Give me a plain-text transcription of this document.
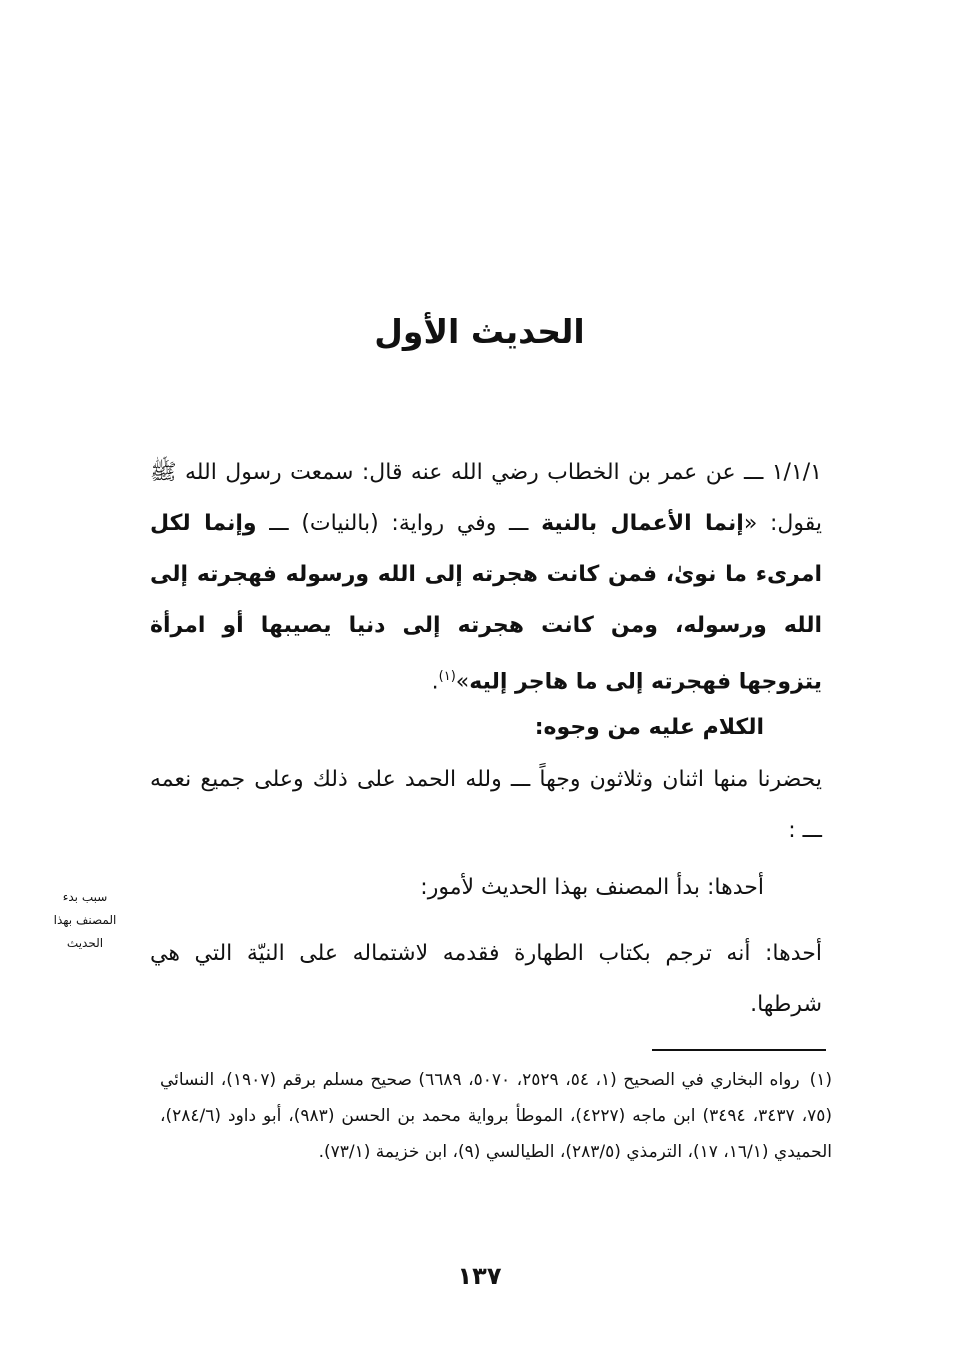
الحديث الأول
١/١/١ ـــ عن عمر بن الخطاب رضي الله عنه قال: سمعت رسول الله ﷺ يقول: «إنما الأعمال بالنية ـــ وفي رواية: (بالنيات) ـــ وإنما لكل امرىء ما نوىٰ، فمن كانت هجرته إلى الله ورسوله فهجرته إلى الله ورسوله، ومن كانت هجرته إلى دنيا يصيبها أو امرأة يتزوجها فهجرته إلى ما هاجر إليه»$^{(١)}$.
الكلام عليه من وجوه:
يحضرنا منها اثنان وثلاثون وجهاً ـــ ولله الحمد على ذلك وعلى جميع نعمه ـــ :
أحدها: بدأ المصنف بهذا الحديث لأمور:
أحدها: أنه ترجم بكتاب الطهارة فقدمه لاشتماله على النيّة التي هي شرطها.
سبب بدء
المصنف بهذا
الحديث
(١)رواه البخاري في الصحيح (١، ٥٤، ٢٥٢٩، ٥٠٧٠، ٦٦٨٩) صحيح مسلم برقم (١٩٠٧)، النسائي (٧٥، ٣٤٣٧، ٣٤٩٤) ابن ماجه (٤٢٢٧)، الموطأ برواية محمد بن الحسن (٩٨٣)، أبو داود (٢٨٤/٦)، الحميدي (١٦/١، ١٧)، الترمذي (٢٨٣/٥)، الطيالسي (٩)، ابن خزيمة (٧٣/١).
١٣٧
